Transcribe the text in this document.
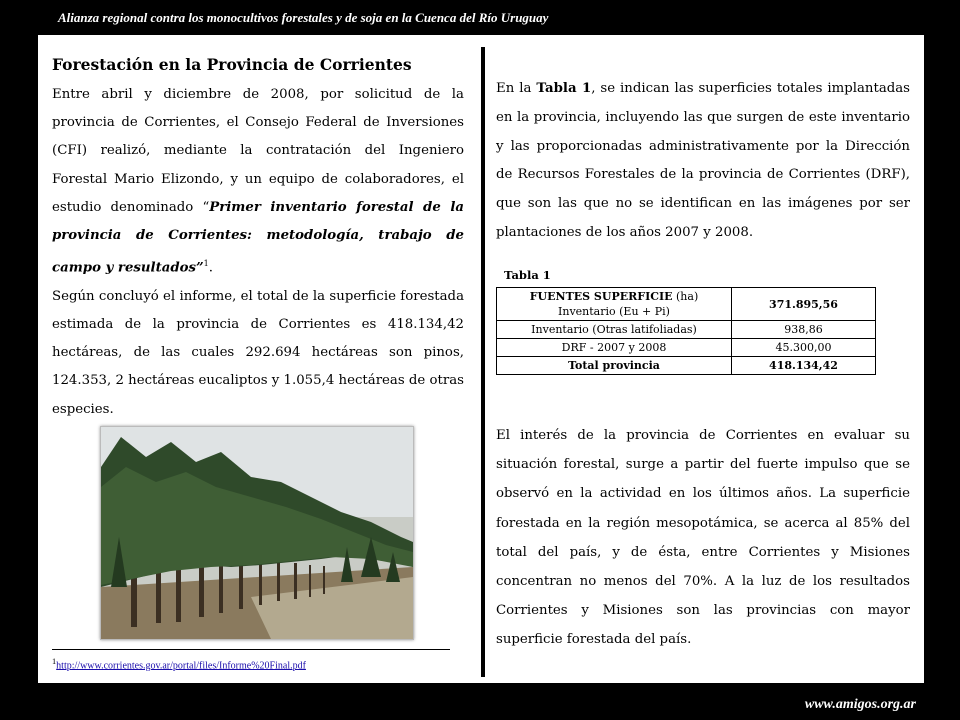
Alianza regional contra los monocultivos forestales y de soja en la Cuenca del Río Uruguay
Forestación en la Provincia de Corrientes

Entre abril y diciembre de 2008, por solicitud de la provincia de Corrientes, el Consejo Federal de Inversiones (CFI) realizó, mediante la contratación del Ingeniero Forestal Mario Elizondo, y un equipo de colaboradores, el estudio denominado “Primer inventario forestal de la provincia de Corrientes: metodología, trabajo de campo y resultados”$^1$.

Según concluyó el informe, el total de la superficie forestada estimada de la provincia de Corrientes es 418.134,42 hectáreas, de las cuales 292.694 hectáreas son pinos, 124.353, 2 hectáreas eucaliptos y 1.055,4 hectáreas de otras especies.

$^1$http://www.corrientes.gov.ar/portal/files/Informe%20Final.pdf
En la Tabla 1, se indican las superficies totales implantadas en la provincia, incluyendo las que surgen de este inventario y las proporcionadas administrativamente por la Dirección de Recursos Forestales de la provincia de Corrientes (DRF), que son las que no se identifican en las imágenes por ser plantaciones de los años 2007 y 2008.
Tabla 1
FUENTES SUPERFICIE (ha)
Inventario (Eu + Pi)	371.895,56
Inventario (Otras latifoliadas)	938,86
DRF - 2007 y 2008	45.300,00
Total provincia	418.134,42
El interés de la provincia de Corrientes en evaluar su situación forestal, surge a partir del fuerte impulso que se observó en la actividad en los últimos años. La superficie forestada en la región mesopotámica, se acerca al 85% del total del país, y de ésta, entre Corrientes y Misiones concentran no menos del 70%. A la luz de los resultados Corrientes y Misiones son las provincias con mayor superficie forestada del país.
www.amigos.org.ar
